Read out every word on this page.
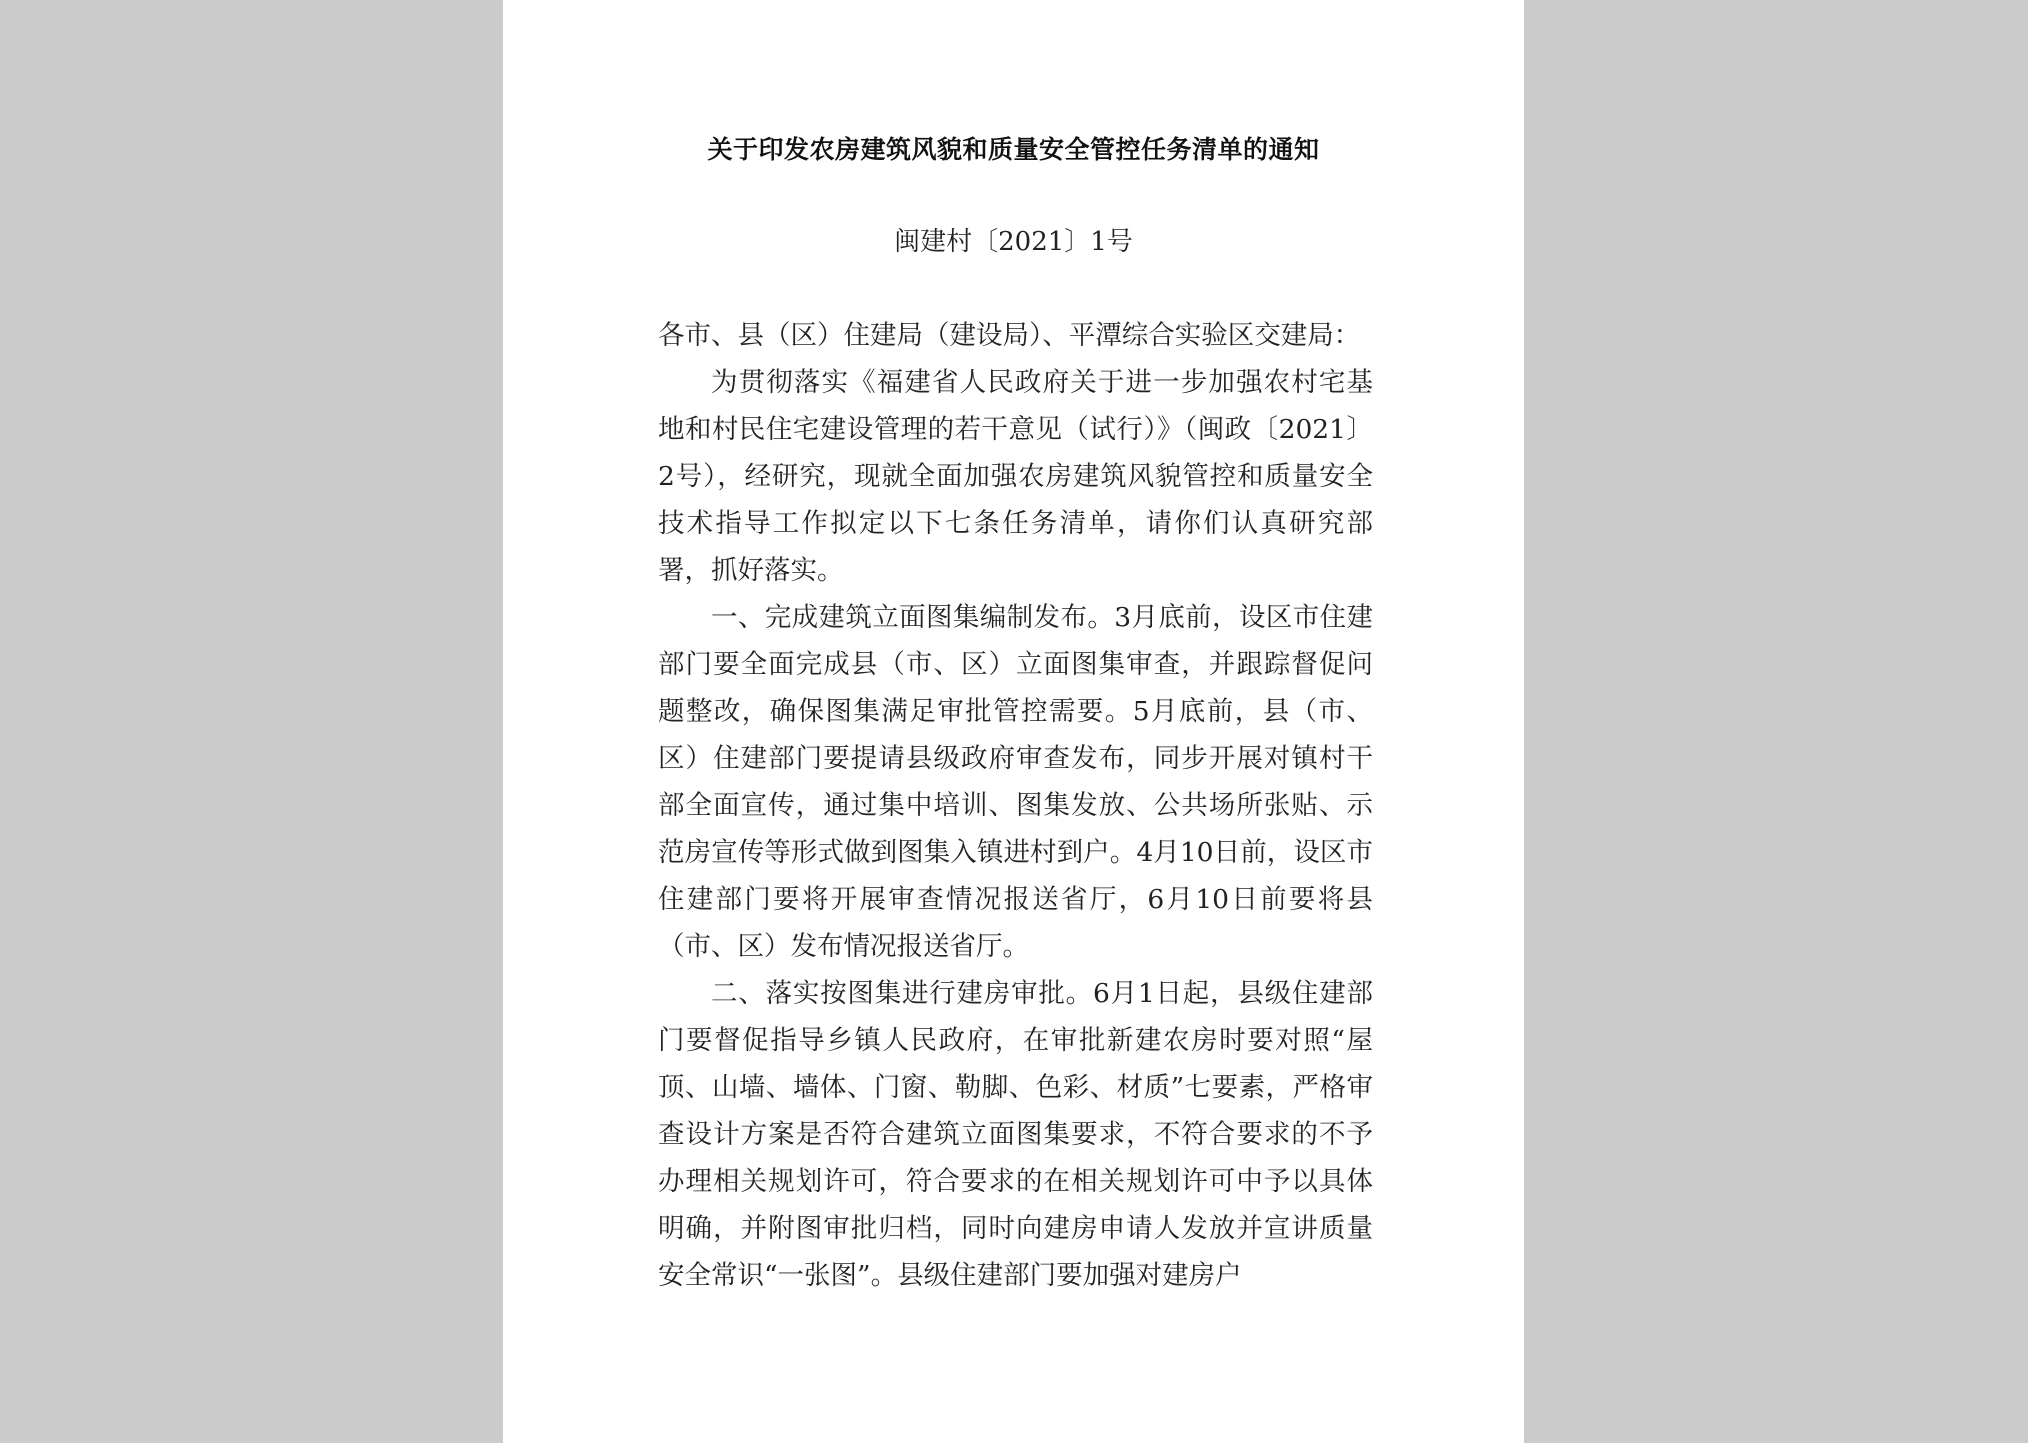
关于印发农房建筑风貌和质量安全管控任务清单的通知
闽建村〔2021〕1号

各市、县（区）住建局（建设局）、平潭综合实验区交建局：

为贯彻落实《福建省人民政府关于进一步加强农村宅基地和村民住宅建设管理的若干意见（试行）》（闽政〔2021〕2号），经研究，现就全面加强农房建筑风貌管控和质量安全技术指导工作拟定以下七条任务清单，请你们认真研究部署，抓好落实。

一、完成建筑立面图集编制发布。3月底前，设区市住建部门要全面完成县（市、区）立面图集审查，并跟踪督促问题整改，确保图集满足审批管控需要。5月底前，县（市、区）住建部门要提请县级政府审查发布，同步开展对镇村干部全面宣传，通过集中培训、图集发放、公共场所张贴、示范房宣传等形式做到图集入镇进村到户。4月10日前，设区市住建部门要将开展审查情况报送省厅，6月10日前要将县（市、区）发布情况报送省厅。

二、落实按图集进行建房审批。6月1日起，县级住建部门要督促指导乡镇人民政府，在审批新建农房时要对照“屋顶、山墙、墙体、门窗、勒脚、色彩、材质”七要素，严格审查设计方案是否符合建筑立面图集要求，不符合要求的不予办理相关规划许可，符合要求的在相关规划许可中予以具体明确，并附图审批归档，同时向建房申请人发放并宣讲质量安全常识“一张图”。县级住建部门要加强对建房户
